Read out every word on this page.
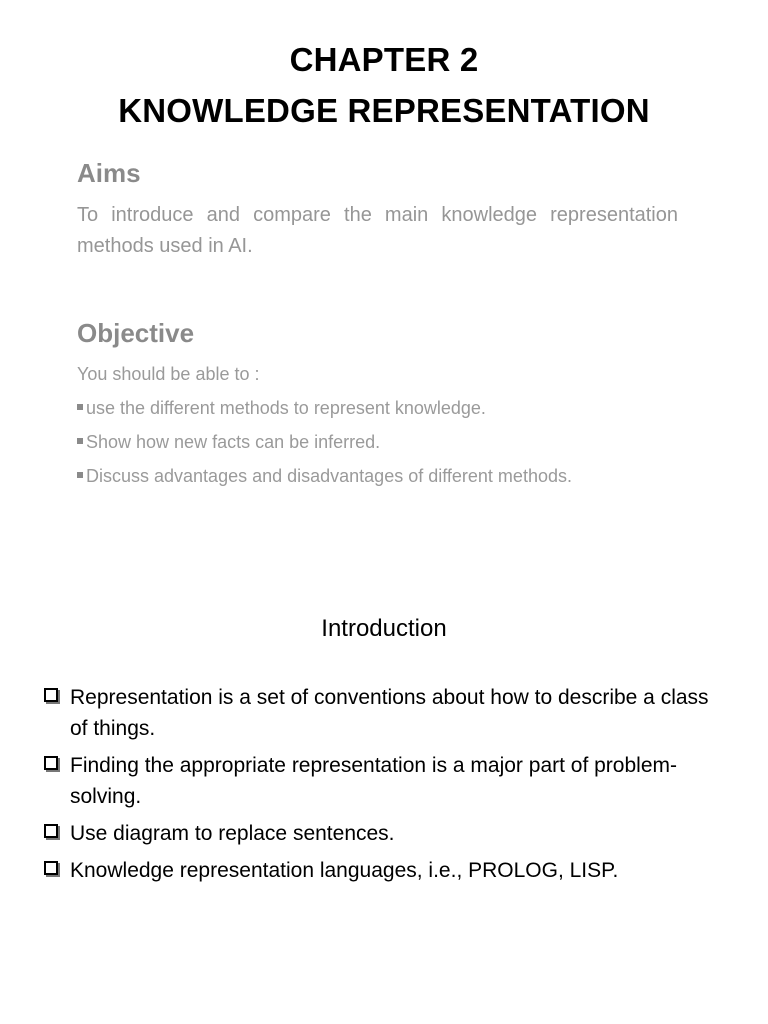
CHAPTER 2
KNOWLEDGE REPRESENTATION
Aims
To introduce and compare the main knowledge representation methods used in AI.
Objective
You should be able to :
use the different methods to represent knowledge.
Show how new facts can be inferred.
Discuss advantages and disadvantages of different methods.
Introduction
Representation is a set of conventions about how to describe a class of things.
Finding the appropriate representation is a major part of problem-solving.
Use diagram to replace sentences.
Knowledge representation languages, i.e., PROLOG, LISP.
